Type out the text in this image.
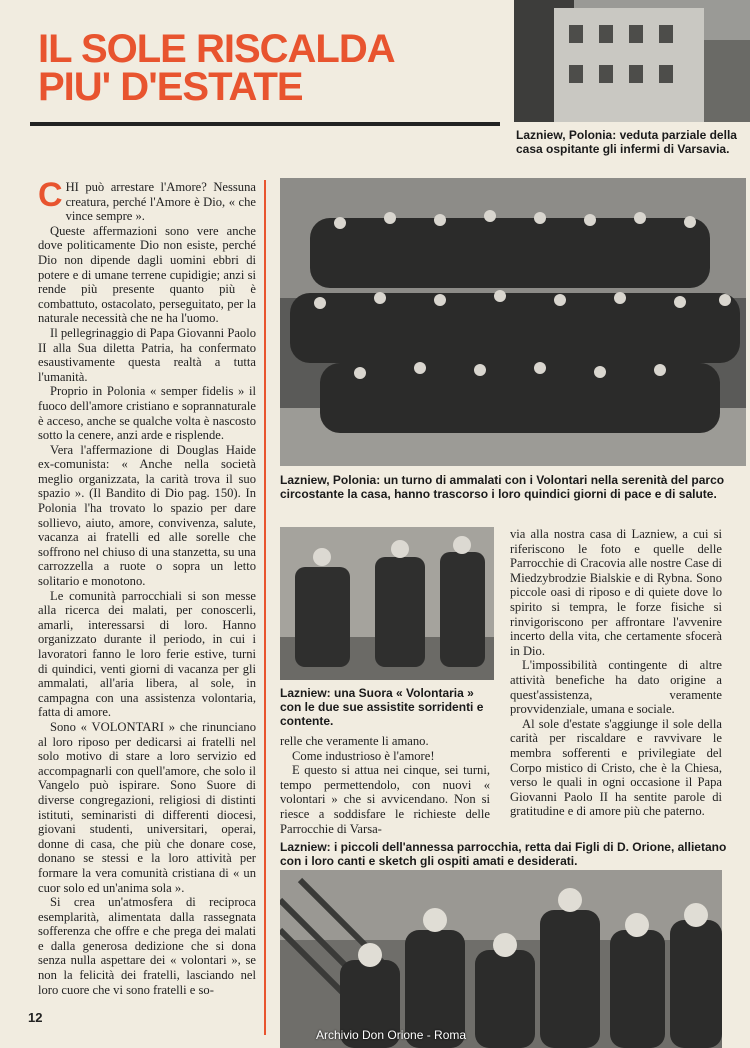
IL SOLE RISCALDA
PIU' D'ESTATE

Lazniew, Polonia: veduta parziale della casa ospitante gli infermi di Varsavia.

CHI può arrestare l'Amore? Nessuna creatura, perché l'Amore è Dio, « che vince sempre ».

Queste affermazioni sono vere anche dove politicamente Dio non esiste, perché Dio non dipende dagli uomini ebbri di potere e di umane terrene cupidigie; anzi si rende più presente quanto più è combattuto, ostacolato, perseguitato, per la naturale necessità che ne ha l'uomo.

Il pellegrinaggio di Papa Giovanni Paolo II alla Sua diletta Patria, ha confermato esaustivamente questa realtà a tutta l'umanità.

Proprio in Polonia « semper fidelis » il fuoco dell'amore cristiano e soprannaturale è acceso, anche se qualche volta è nascosto sotto la cenere, anzi arde e risplende.

Vera l'affermazione di Douglas Haide ex-comunista: « Anche nella società meglio organizzata, la carità trova il suo spazio ». (Il Bandito di Dio pag. 150). In Polonia l'ha trovato lo spazio per dare sollievo, aiuto, amore, convivenza, salute, vacanza ai fratelli ed alle sorelle che soffrono nel chiuso di una stanzetta, su una carrozzella a ruote o sopra un letto solitario e monotono.

Le comunità parrocchiali si son messe alla ricerca dei malati, per conoscerli, amarli, interessarsi di loro. Hanno organizzato durante il periodo, in cui i lavoratori fanno le loro ferie estive, turni di quindici, venti giorni di vacanza per gli ammalati, all'aria libera, al sole, in campagna con una assistenza volontaria, fatta di amore.

Sono « VOLONTARI » che rinunciano al loro riposo per dedicarsi ai fratelli nel solo motivo di stare a loro servizio ed accompagnarli con quell'amore, che solo il Vangelo può ispirare. Sono Suore di diverse congregazioni, religiosi di distinti istituti, seminaristi di differenti diocesi, giovani studenti, universitari, operai, donne di casa, che più che donare cose, donano se stessi e la loro attività per formare la vera comunità cristiana di « un cuor solo ed un'anima sola ».

Si crea un'atmosfera di reciproca esemplarità, alimentata dalla rassegnata sofferenza che offre e che prega dei malati e dalla generosa dedizione che si dona senza nulla aspettare dei « volontari », se non la felicità dei fratelli, lasciando nel loro cuore che vi sono fratelli e so-

Lazniew, Polonia: un turno di ammalati con i Volontari nella serenità del parco circostante la casa, hanno trascorso i loro quindici giorni di pace e di salute.

Lazniew: una Suora « Volontaria » con le due sue assistite sorridenti e contente.

relle che veramente li amano.

Come industrioso è l'amore!

E questo si attua nei cinque, sei turni, tempo permettendolo, con nuovi « volontari » che si avvicendano. Non si riesce a soddisfare le richieste delle Parrocchie di Varsa-

via alla nostra casa di Lazniew, a cui si riferiscono le foto e quelle delle Parrocchie di Cracovia alle nostre Case di Miedzybrodzie Bialskie e di Rybna. Sono piccole oasi di riposo e di quiete dove lo spirito si tempra, le forze fisiche si rinvigoriscono per affrontare l'avvenire incerto della vita, che certamente sfocerà in Dio.

L'impossibilità contingente di altre attività benefiche ha dato origine a quest'assistenza, veramente provvidenziale, umana e sociale.

Al sole d'estate s'aggiunge il sole della carità per riscaldare e ravvivare le membra sofferenti e privilegiate del Corpo mistico di Cristo, che è la Chiesa, verso le quali in ogni occasione il Papa Giovanni Paolo II ha sentite parole di gratitudine e di amore più che paterno.

Lazniew: i piccoli dell'annessa parrocchia, retta dai Figli di D. Orione, allietano con i loro canti e sketch gli ospiti amati e desiderati.

12
Archivio Don Orione - Roma
